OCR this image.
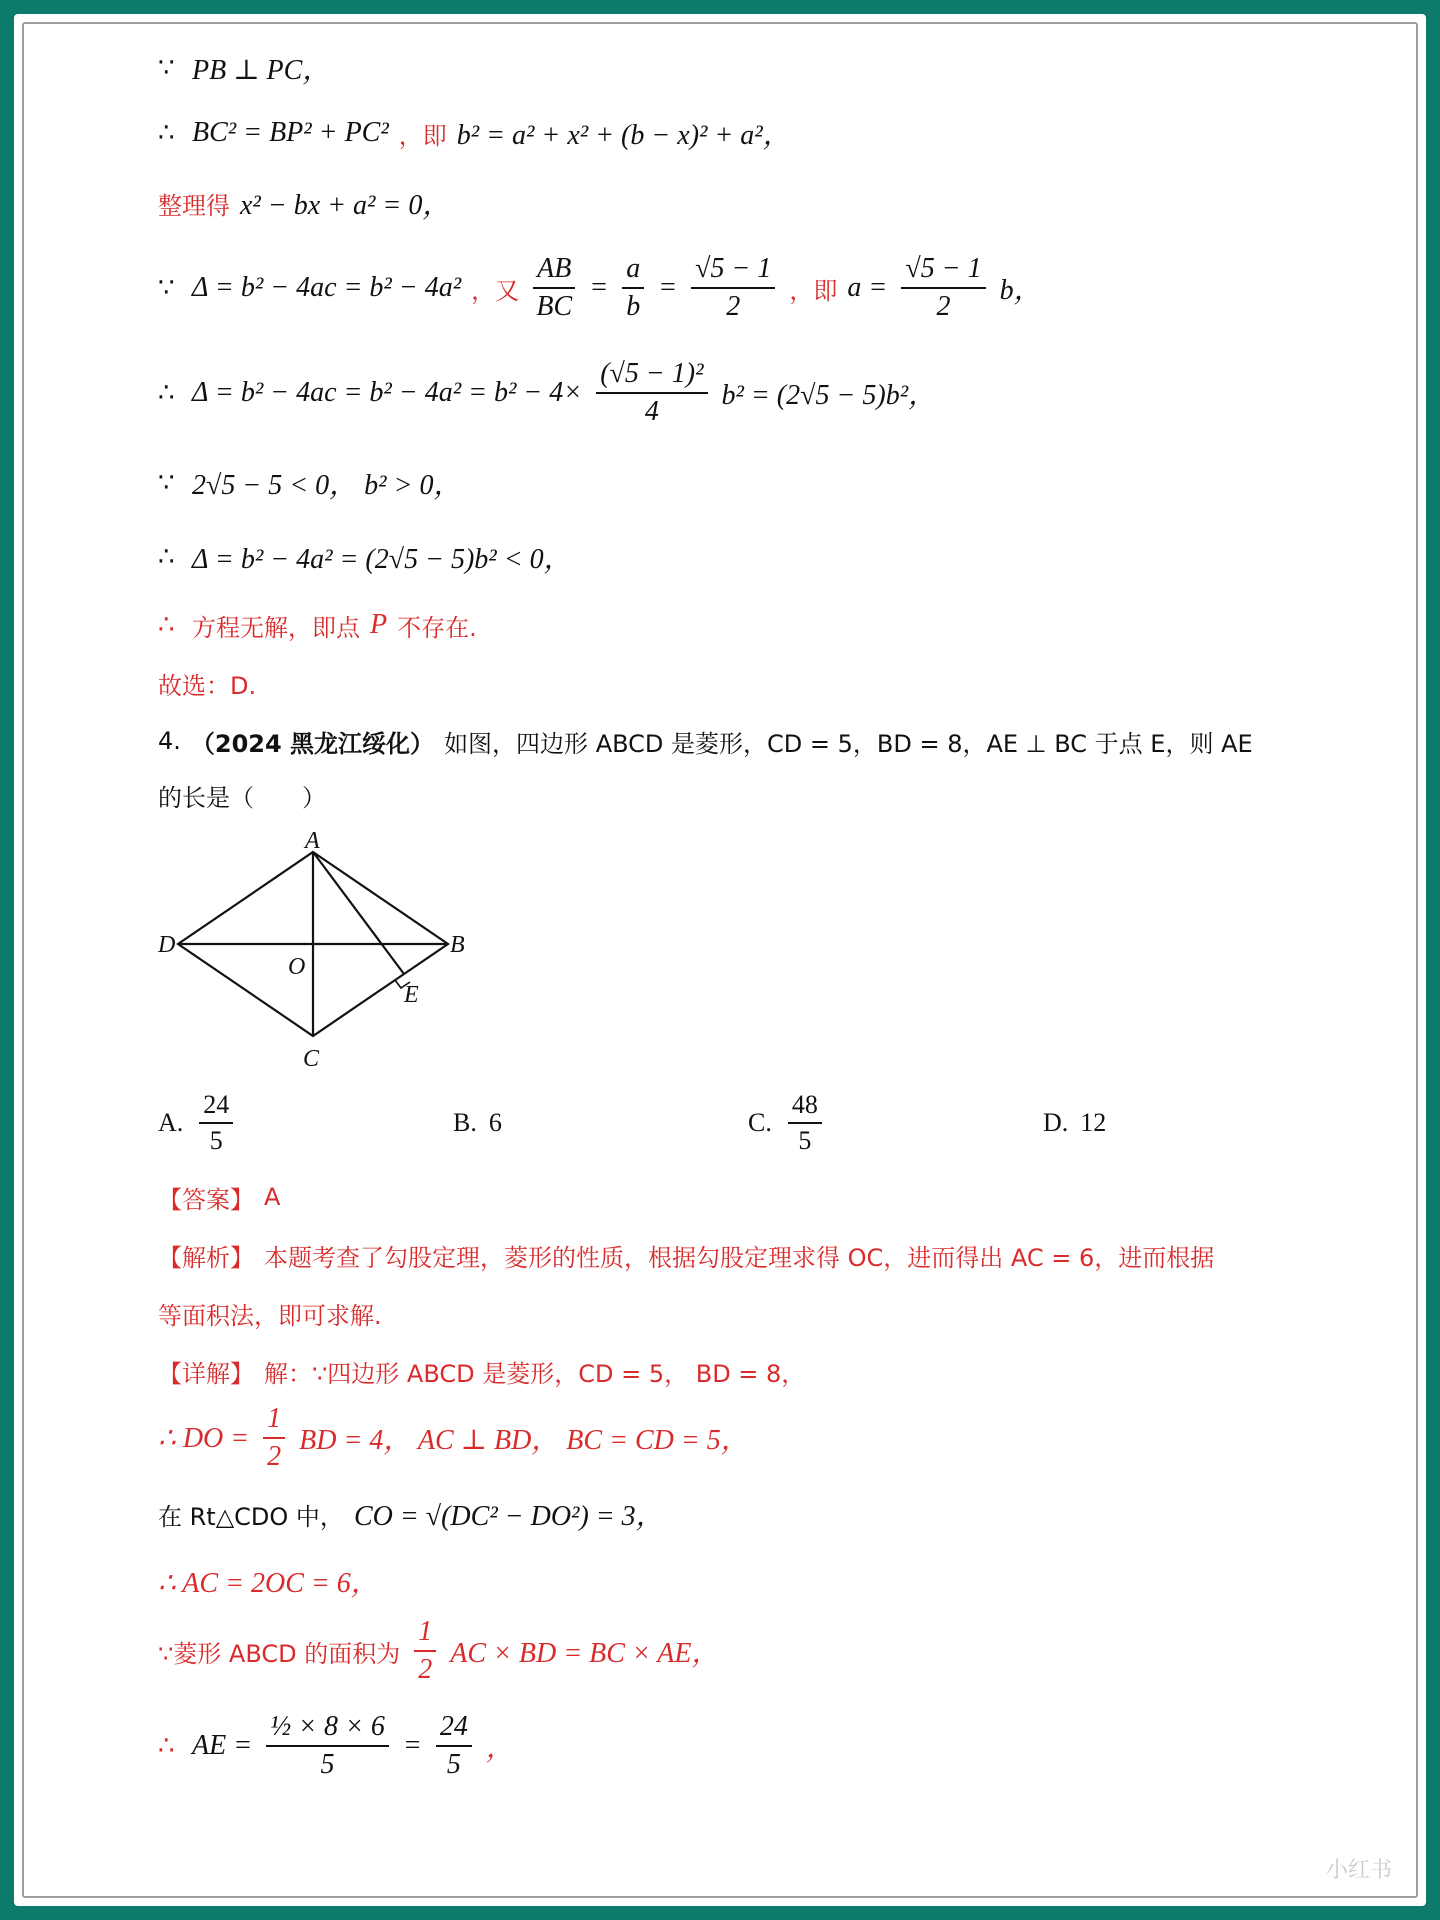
∵ PB ⊥ PC，
∴ BC² = BP² + PC² ，即 b² = a² + x² + (b − x)² + a²，
整理得 x² − bx + a² = 0，
∵ Δ = b² − 4ac = b² − 4a² ，又 $\frac{AB}{BC} = \frac{a}{b} = \frac{√5 - 1}{2}$ ，即 $a = \frac{√5 - 1}{2}$ b，
∴ $\Delta = b^2 - 4ac = b^2 - 4a^2 = b^2 - 4\times \frac{\text{(√5 − 1)²}}{4} b^2 = (2√5 - 5)b^2$，
∵ 2√5 − 5 < 0， b² > 0，
∴ Δ = b² − 4a² = (2√5 − 5)b² < 0，
∴ 方程无解，即点 P 不存在.
故选：D.
4. （2024 黑龙江绥化） 如图，四边形 ABCD 是菱形，CD = 5，BD = 8，AE ⊥ BC 于点 E，则 AE
的长是（　　）
A
B
C
D
O
E
A. $\frac{24}{5}$	B. 6	C. $\frac{48}{5}$	D. 12
【答案】 A
【解析】 本题考查了勾股定理，菱形的性质，根据勾股定理求得 OC，进而得出 AC = 6，进而根据
等面积法，即可求解.
【详解】 解：∵四边形 ABCD 是菱形，CD = 5， BD = 8，
∴ DO = $\frac{1}{2}$ BD = 4， AC ⊥ BD， BC = CD = 5，
在 Rt△CDO 中， CO = √(DC² − DO²) = 3，
∴ AC = 2OC = 6，
∵菱形 ABCD 的面积为 $\frac{1}{2}$ AC × BD = BC × AE，
∴ AE = $\frac{\text{½ × 8 × 6}}{5} = \frac{24}{5}$ ，
小红书
